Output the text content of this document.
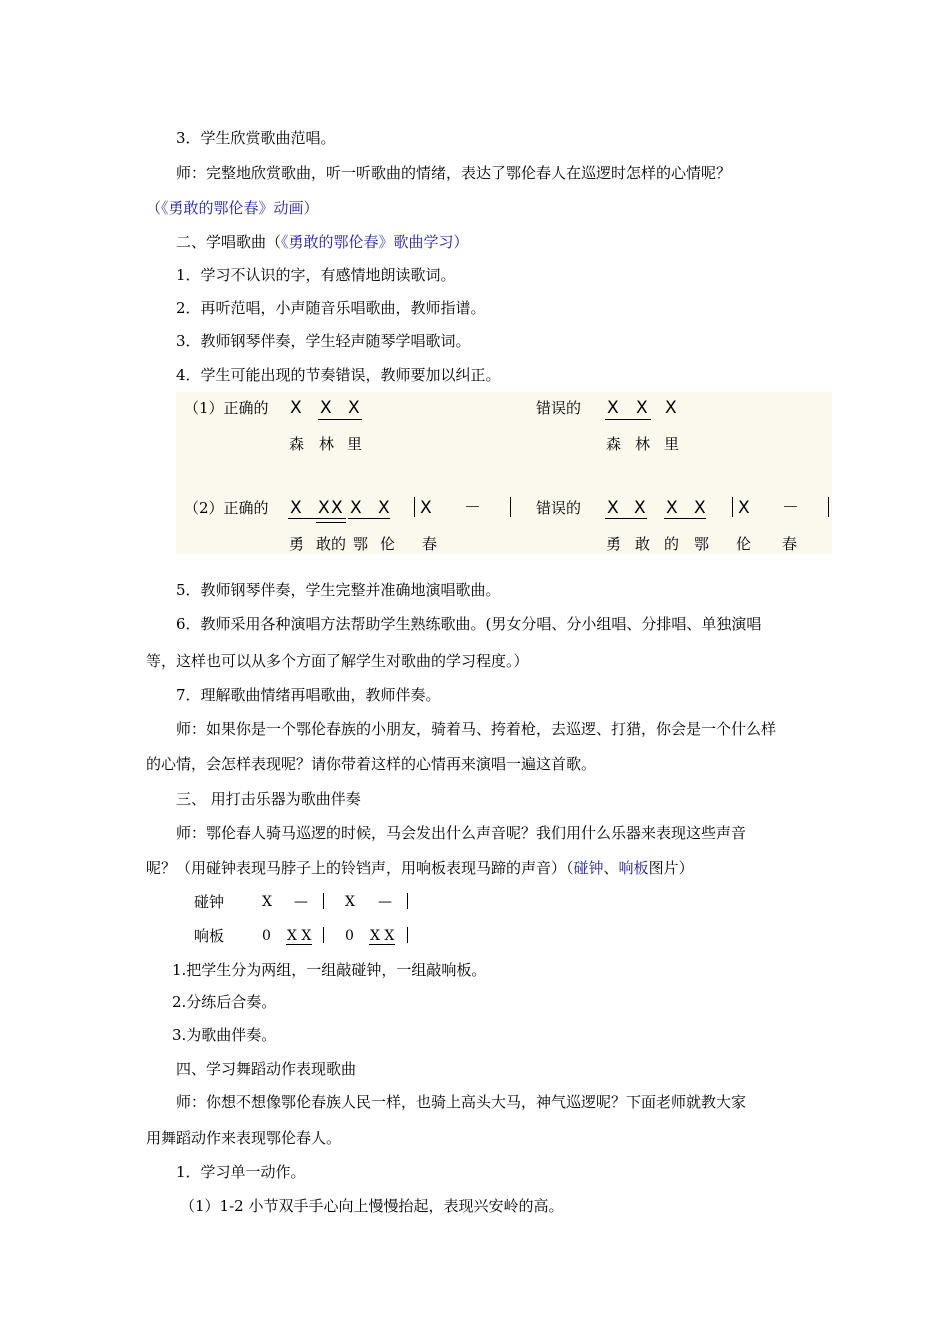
3．学生欣赏歌曲范唱。
师：完整地欣赏歌曲，听一听歌曲的情绪，表达了鄂伦春人在巡逻时怎样的心情呢？
（《勇敢的鄂伦春》动画）
二、学唱歌曲（《勇敢的鄂伦春》歌曲学习）
1．学习不认识的字，有感情地朗读歌词。
2．再听范唱，小声随音乐唱歌曲，教师指谱。
3．教师钢琴伴奏，学生轻声随琴学唱歌词。
4．学生可能出现的节奏错误，教师要加以纠正。
（1）正确的 X X X
森 林 里
错误的 X X X
森 林 里
（2）正确的 X X X X X X －
勇 敢的 鄂 伦 春
错误的 X X X X X －
勇 敢 的 鄂 伦 春
5．教师钢琴伴奏，学生完整并准确地演唱歌曲。
6．教师采用各种演唱方法帮助学生熟练歌曲。(男女分唱、分小组唱、分排唱、单独演唱
等，这样也可以从多个方面了解学生对歌曲的学习程度。）
7．理解歌曲情绪再唱歌曲，教师伴奏。
师：如果你是一个鄂伦春族的小朋友，骑着马、挎着枪，去巡逻、打猎，你会是一个什么样
的心情，会怎样表现呢？请你带着这样的心情再来演唱一遍这首歌。
三、 用打击乐器为歌曲伴奏
师：鄂伦春人骑马巡逻的时候，马会发出什么声音呢？我们用什么乐器来表现这些声音
呢？（用碰钟表现马脖子上的铃铛声，用响板表现马蹄的声音）（碰钟、响板图片）
碰钟	X —	X —
响板	0 X X 0 X X
1.把学生分为两组，一组敲碰钟，一组敲响板。
2.分练后合奏。
3.为歌曲伴奏。
四、学习舞蹈动作表现歌曲
师：你想不想像鄂伦春族人民一样，也骑上高头大马，神气巡逻呢？下面老师就教大家
用舞蹈动作来表现鄂伦春人。
1．学习单一动作。
（1）1-2 小节双手手心向上慢慢抬起，表现兴安岭的高。
